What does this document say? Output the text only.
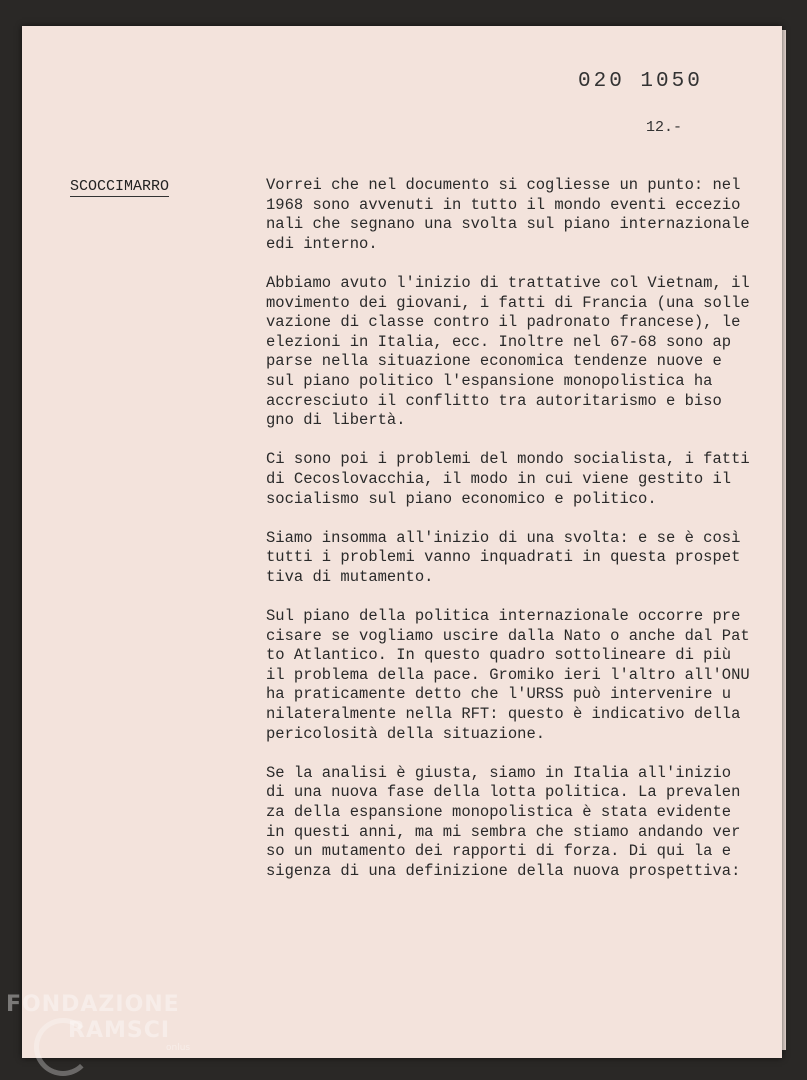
020 1050
12.-
SCOCCIMARRO	Vorrei che nel documento si cogliesse un punto: nel
1968 sono avvenuti in tutto il mondo eventi eccezio
nali che segnano una svolta sul piano internazionale
edi interno.
Abbiamo avuto l'inizio di trattative col Vietnam, il
movimento dei giovani, i fatti di Francia (una solle
vazione di classe contro il padronato francese), le
elezioni in Italia, ecc. Inoltre nel 67-68 sono ap
parse nella situazione economica tendenze nuove e
sul piano politico l'espansione monopolistica ha
accresciuto il conflitto tra autoritarismo e biso
gno di libertà.
Ci sono poi i problemi del mondo socialista, i fatti
di Cecoslovacchia, il modo in cui viene gestito il
socialismo sul piano economico e politico.
Siamo insomma all'inizio di una svolta: e se è così
tutti i problemi vanno inquadrati in questa prospet
tiva di mutamento.
Sul piano della politica internazionale occorre pre
cisare se vogliamo uscire dalla Nato o anche dal Pat
to Atlantico. In questo quadro sottolineare di più
il problema della pace. Gromiko ieri l'altro all'ONU
ha praticamente detto che l'URSS può intervenire u
nilateralmente nella RFT: questo è indicativo della
pericolosità della situazione.
Se la analisi è giusta, siamo in Italia all'inizio
di una nuova fase della lotta politica. La prevalen
za della espansione monopolistica è stata evidente
in questi anni, ma mi sembra che stiamo andando ver
so un mutamento dei rapporti di forza. Di qui la e
sigenza di una definizione della nuova prospettiva:
FONDAZIONE
RAMSCI
onlus
